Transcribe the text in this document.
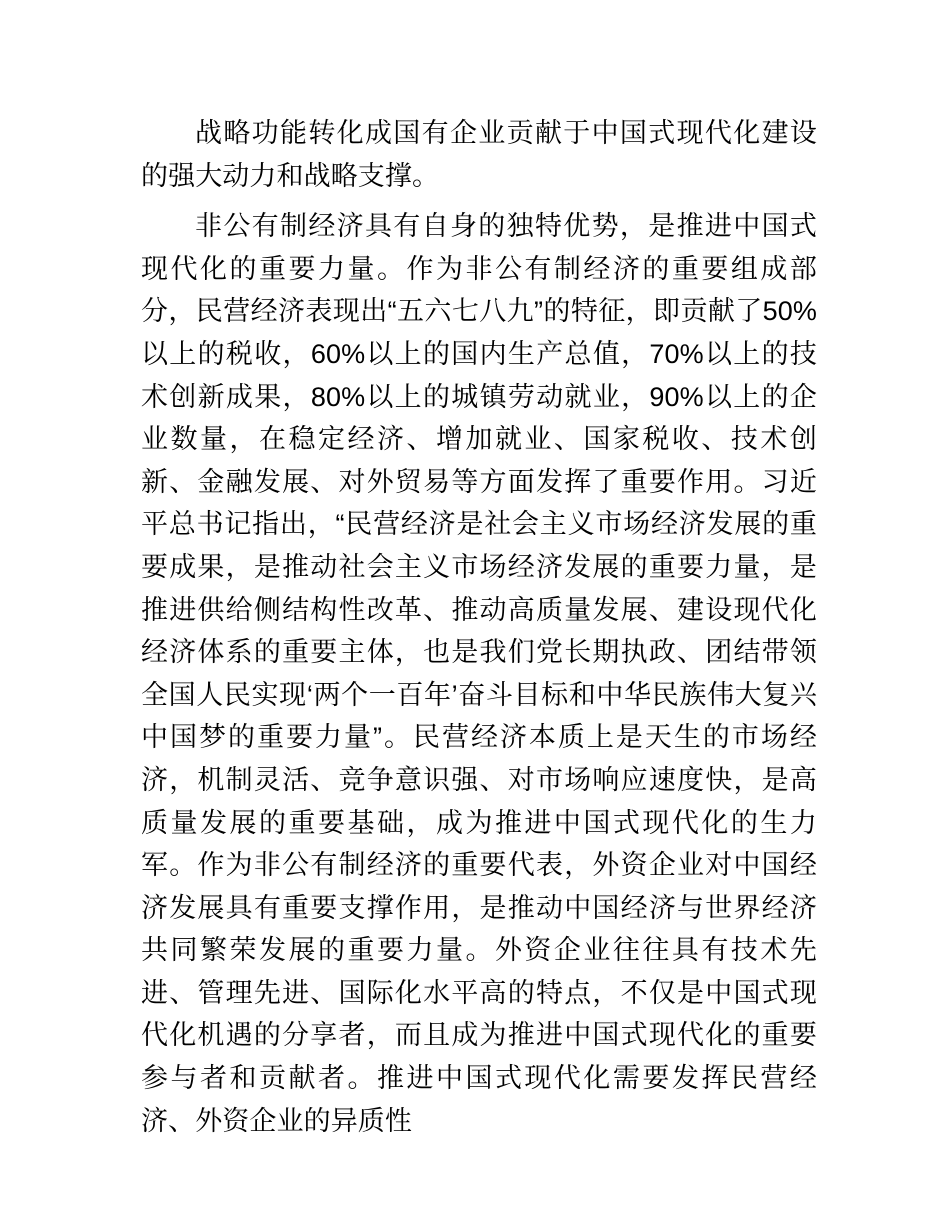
战略功能转化成国有企业贡献于中国式现代化建设的强大动力和战略支撑。

非公有制经济具有自身的独特优势，是推进中国式现代化的重要力量。作为非公有制经济的重要组成部分，民营经济表现出“五六七八九”的特征，即贡献了50%以上的税收，60%以上的国内生产总值，70%以上的技术创新成果，80%以上的城镇劳动就业，90%以上的企业数量，在稳定经济、增加就业、国家税收、技术创新、金融发展、对外贸易等方面发挥了重要作用。习近平总书记指出，“民营经济是社会主义市场经济发展的重要成果，是推动社会主义市场经济发展的重要力量，是推进供给侧结构性改革、推动高质量发展、建设现代化经济体系的重要主体，也是我们党长期执政、团结带领全国人民实现‘两个一百年’奋斗目标和中华民族伟大复兴中国梦的重要力量”。民营经济本质上是天生的市场经济，机制灵活、竞争意识强、对市场响应速度快，是高质量发展的重要基础，成为推进中国式现代化的生力军。作为非公有制经济的重要代表，外资企业对中国经济发展具有重要支撑作用，是推动中国经济与世界经济共同繁荣发展的重要力量。外资企业往往具有技术先进、管理先进、国际化水平高的特点，不仅是中国式现代化机遇的分享者，而且成为推进中国式现代化的重要参与者和贡献者。推进中国式现代化需要发挥民营经济、外资企业的异质性
